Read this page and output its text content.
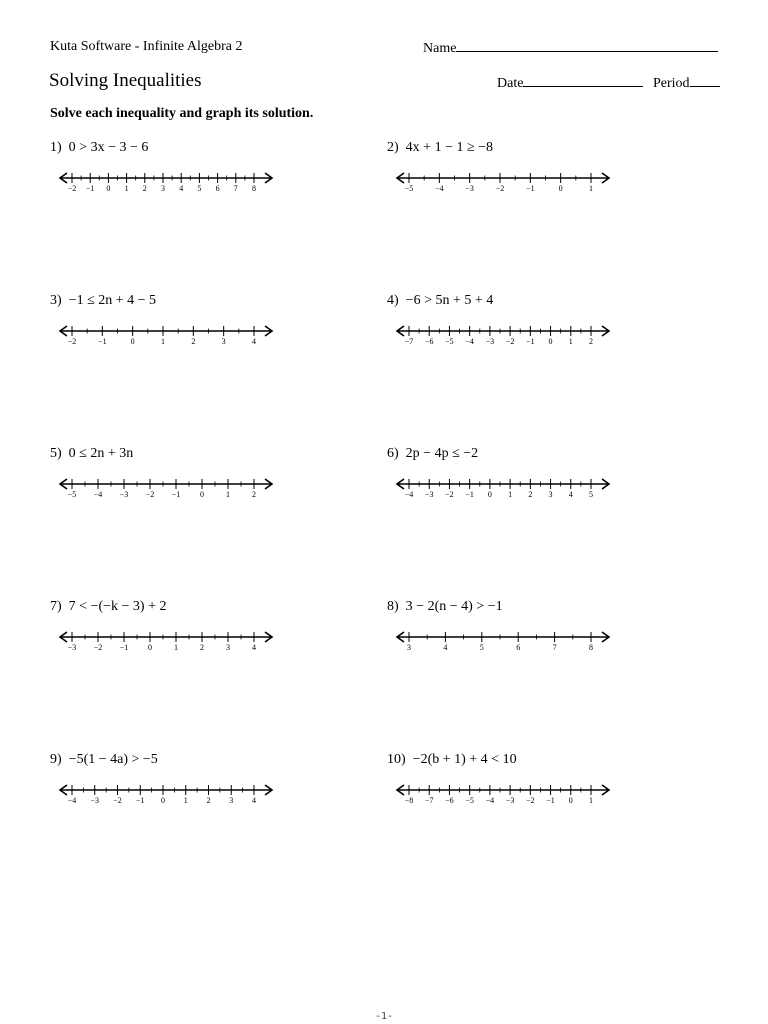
Kuta Software - Infinite Algebra 2	Name
Solving Inequalities	Date	Period
Solve each inequality and graph its solution.
1)  0 > 3x − 3 − 6
−2 −1 0 1 2 3 4 5 6 7 8
2)  4x + 1 − 1 ≥ −8
−5	−4	−3	−2	−1	0	1
3)  −1 ≤ 2n + 4 − 5
−2	−1	0	1	2	3	4
4)  −6 > 5n + 5 + 4
−7 −6 −5 −4 −3 −2 −1 0 1 2
5)  0 ≤ 2n + 3n
−5 −4 −3 −2 −1 0	1	2
6)  2p − 4p ≤ −2
−4 −3 −2 −1 0 1 2 3 4 5
7)  7 < −(−k − 3) + 2
−3 −2 −1 0	1	2	3	4
8)  3 − 2(n − 4) > −1
3	4	5	6	7	8
9)  −5(1 − 4a) > −5
−4 −3 −2 −1 0 1 2 3 4
10)  −2(b + 1) + 4 < 10
−8 −7 −6 −5 −4 −3 −2 −1 0 1
-1-
